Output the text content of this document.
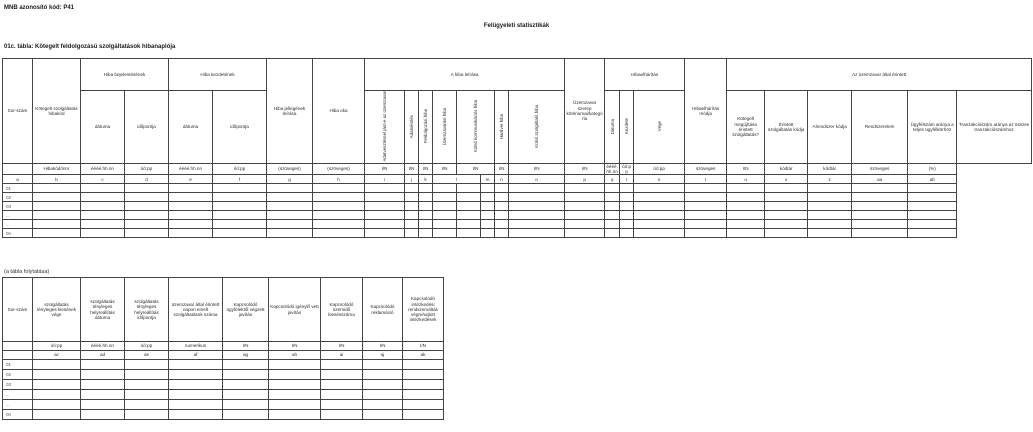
MNB azonosító kód: P41
Felügyeleti statisztikák
01c. tábla: Kötegelt feldolgozású szolgáltatások hibanaplója
Sor-szám	Kötegelt szolgáltatás hibakód	Hiba bejelentésének		Hiba kezdetének		Hiba jellegének leírása	Hiba oka	A hiba leírása								Üzemzavar szerep kritériumai/kategória	Hibaelhárítás			Hibaelhárítás módja	Az üzemzavar által érintett					
		dátuma	időpontja	dátuma	időpontja			Adatvesztéssel járó-e az üzemzavar	Adatsérülés	Feldolgozási hiba	Üzemzavarási hiba	Külső kommunikációs hiba		Hardver hiba	Külső szolgáltató hiba		Dátuma	Kezdete	Vége		Kötegelt megújítása érintett szolgáltatás?	Érintett szolgáltatás kódja	Alrendszer kódja	Rendszerelem	Ügyfélszám aránya a teljes ügyfélkörhöz	Tranzakciószám aránya az összes tranzakciószámhoz
	Hibakód/mnr	éééé.hh.nn	óó:pp	éééé.hh.nn	óó:pp	(szöveges)	(szöveges)	I/N	I/N	I/N	I/N	I/N		I/N	I/N	I/N	éééé.hh.nn	óó:pp	óó:pp	szöveges	I/N	kódtár	kódtár	szöveges	(%)	
a	b	c	d	e	f	g	h	i	j	k	l		m	n	o	p	q	r	s	t	u	v	z	aa	ab	
01																										
02																										
03																										
...																										
...																										
0n																										
(a tábla folytatása)
Sor-szám	szolgáltatás tényleges kiesének vége	szolgáltatás tényleges helyreállítás dátuma	szolgáltatás tényleges helyreállítás időpontja	üzemzavar által érintett napon emelt szolgáltatások száma	Kapcsolódó ügyfelektől végzett javítás	Kapcsolódó igénylő vett javítás	Kapcsolódó üzemidő kiesésszáma	Kapcsolódó reklamáció	Kapcsolódó intézkedési rendszerváltás végrehajtott intézkedések
	óó:pp	éééé.hh.nn	óó:pp	numerikus	I/N	I/N	I/N	I/N	I/N
	ac	ad	ae	af	ag	ah	ai	aj	ak
01									
02									
03									
...									
...									
0n									
